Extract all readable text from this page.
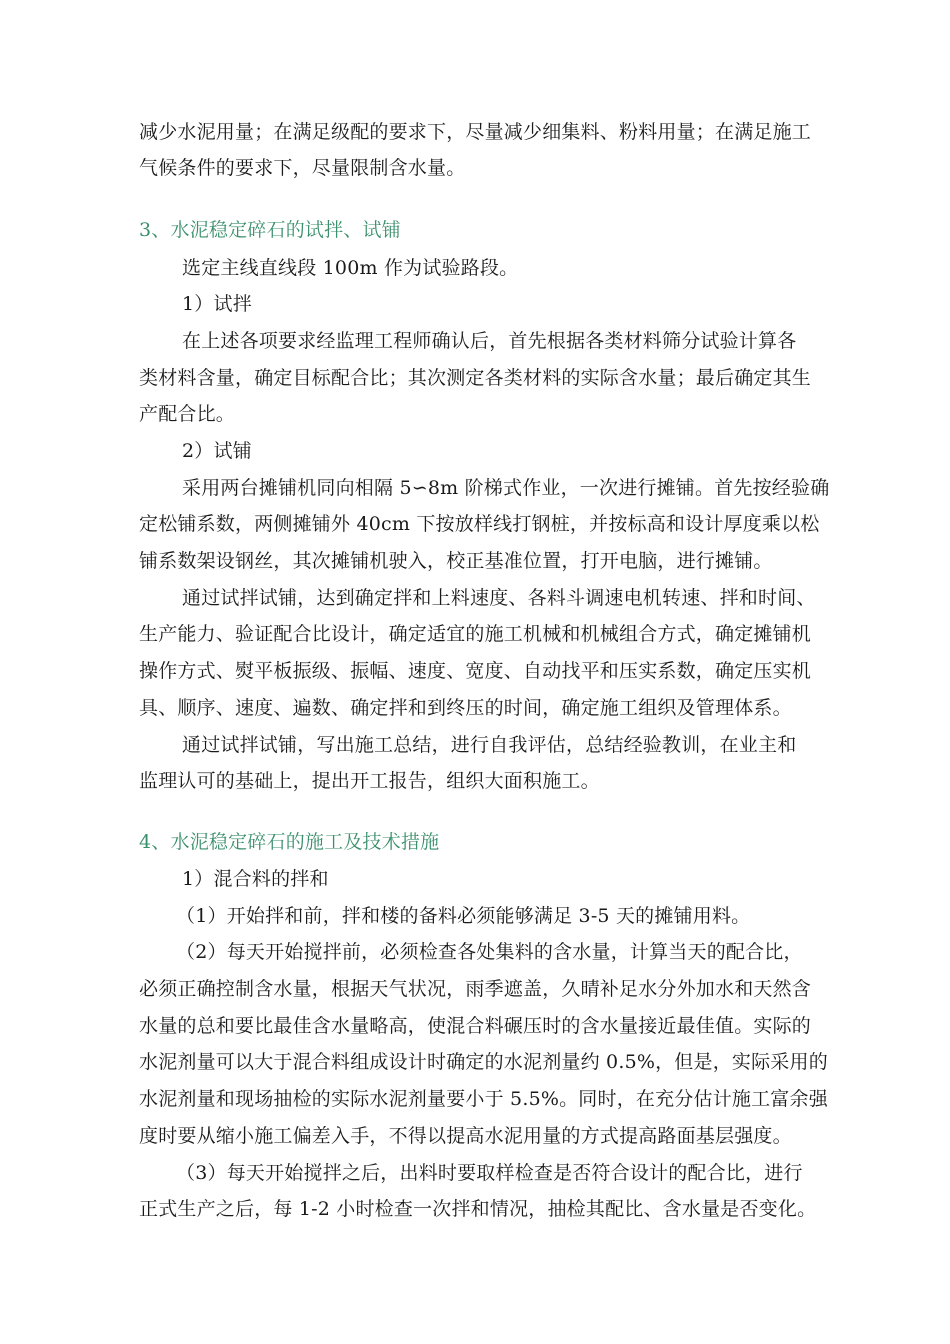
减少水泥用量；在满足级配的要求下，尽量减少细集料、粉料用量；在满足施工
气候条件的要求下，尽量限制含水量。
3、水泥稳定碎石的试拌、试铺
选定主线直线段 100m 作为试验路段。
1）试拌
在上述各项要求经监理工程师确认后，首先根据各类材料筛分试验计算各
类材料含量，确定目标配合比；其次测定各类材料的实际含水量；最后确定其生
产配合比。
2）试铺
采用两台摊铺机同向相隔 5∽8m 阶梯式作业，一次进行摊铺。首先按经验确
定松铺系数，两侧摊铺外 40cm 下按放样线打钢桩，并按标高和设计厚度乘以松
铺系数架设钢丝，其次摊铺机驶入，校正基准位置，打开电脑，进行摊铺。
通过试拌试铺，达到确定拌和上料速度、各料斗调速电机转速、拌和时间、
生产能力、验证配合比设计，确定适宜的施工机械和机械组合方式，确定摊铺机
操作方式、熨平板振级、振幅、速度、宽度、自动找平和压实系数，确定压实机
具、顺序、速度、遍数、确定拌和到终压的时间，确定施工组织及管理体系。
通过试拌试铺，写出施工总结，进行自我评估，总结经验教训，在业主和
监理认可的基础上，提出开工报告，组织大面积施工。
4、水泥稳定碎石的施工及技术措施
1）混合料的拌和
（1）开始拌和前，拌和楼的备料必须能够满足 3-5 天的摊铺用料。
（2）每天开始搅拌前，必须检查各处集料的含水量，计算当天的配合比，
必须正确控制含水量，根据天气状况，雨季遮盖，久晴补足水分外加水和天然含
水量的总和要比最佳含水量略高，使混合料碾压时的含水量接近最佳值。实际的
水泥剂量可以大于混合料组成设计时确定的水泥剂量约 0.5%，但是，实际采用的
水泥剂量和现场抽检的实际水泥剂量要小于 5.5%。同时，在充分估计施工富余强
度时要从缩小施工偏差入手，不得以提高水泥用量的方式提高路面基层强度。
（3）每天开始搅拌之后，出料时要取样检查是否符合设计的配合比，进行
正式生产之后，每 1-2 小时检查一次拌和情况，抽检其配比、含水量是否变化。
